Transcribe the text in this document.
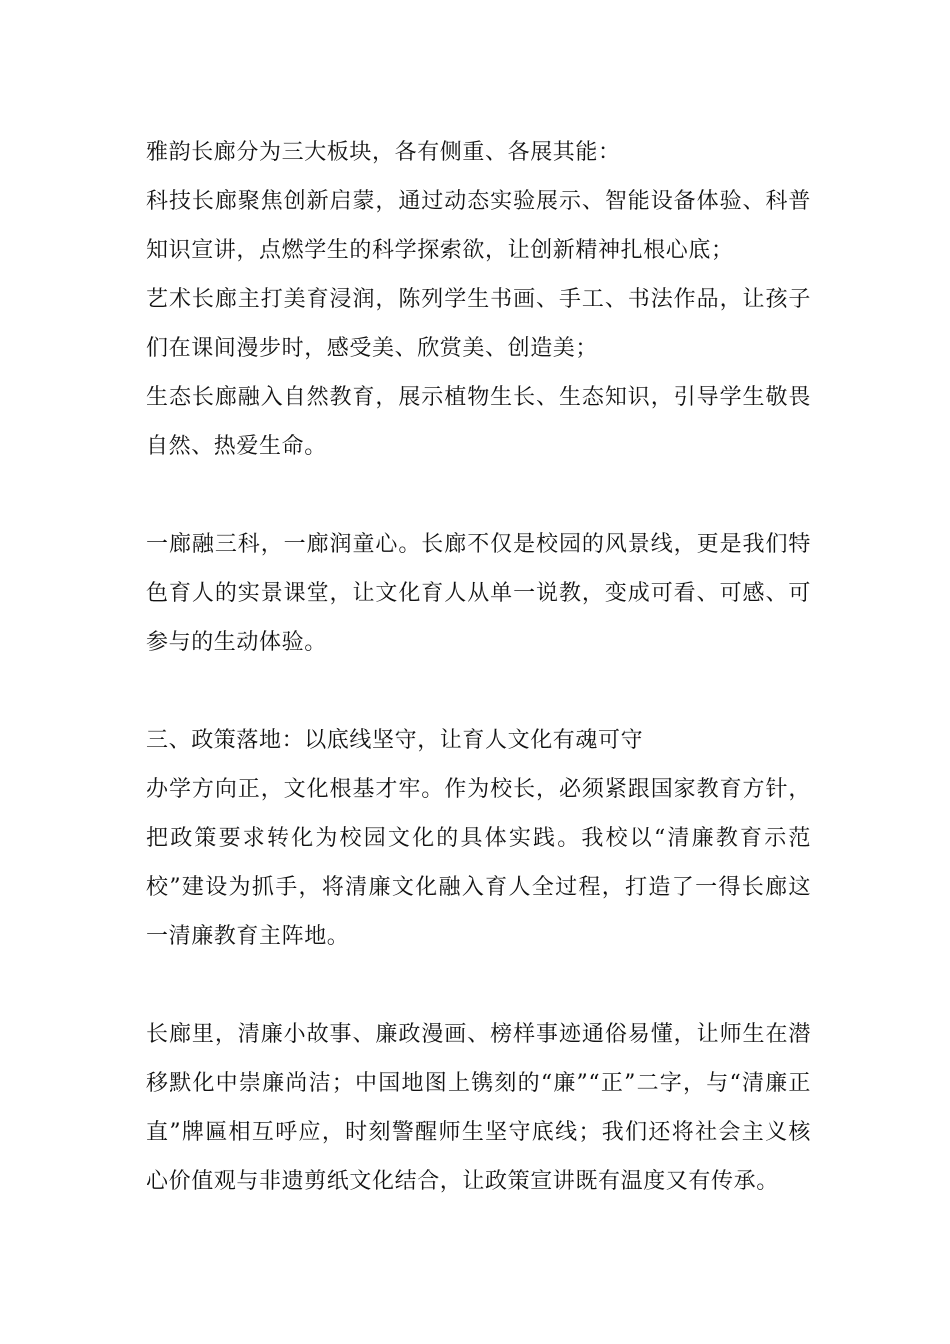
雅韵长廊分为三大板块，各有侧重、各展其能：

科技长廊聚焦创新启蒙，通过动态实验展示、智能设备体验、科普知识宣讲，点燃学生的科学探索欲，让创新精神扎根心底；

艺术长廊主打美育浸润，陈列学生书画、手工、书法作品，让孩子们在课间漫步时，感受美、欣赏美、创造美；

生态长廊融入自然教育，展示植物生长、生态知识，引导学生敬畏自然、热爱生命。

一廊融三科，一廊润童心。长廊不仅是校园的风景线，更是我们特色育人的实景课堂，让文化育人从单一说教，变成可看、可感、可参与的生动体验。

三、政策落地：以底线坚守，让育人文化有魂可守

办学方向正，文化根基才牢。作为校长，必须紧跟国家教育方针，把政策要求转化为校园文化的具体实践。我校以“清廉教育示范校”建设为抓手，将清廉文化融入育人全过程，打造了一得长廊这一清廉教育主阵地。

长廊里，清廉小故事、廉政漫画、榜样事迹通俗易懂，让师生在潜移默化中崇廉尚洁；中国地图上镌刻的“廉”“正”二字，与“清廉正直”牌匾相互呼应，时刻警醒师生坚守底线；我们还将社会主义核心价值观与非遗剪纸文化结合，让政策宣讲既有温度又有传承。
